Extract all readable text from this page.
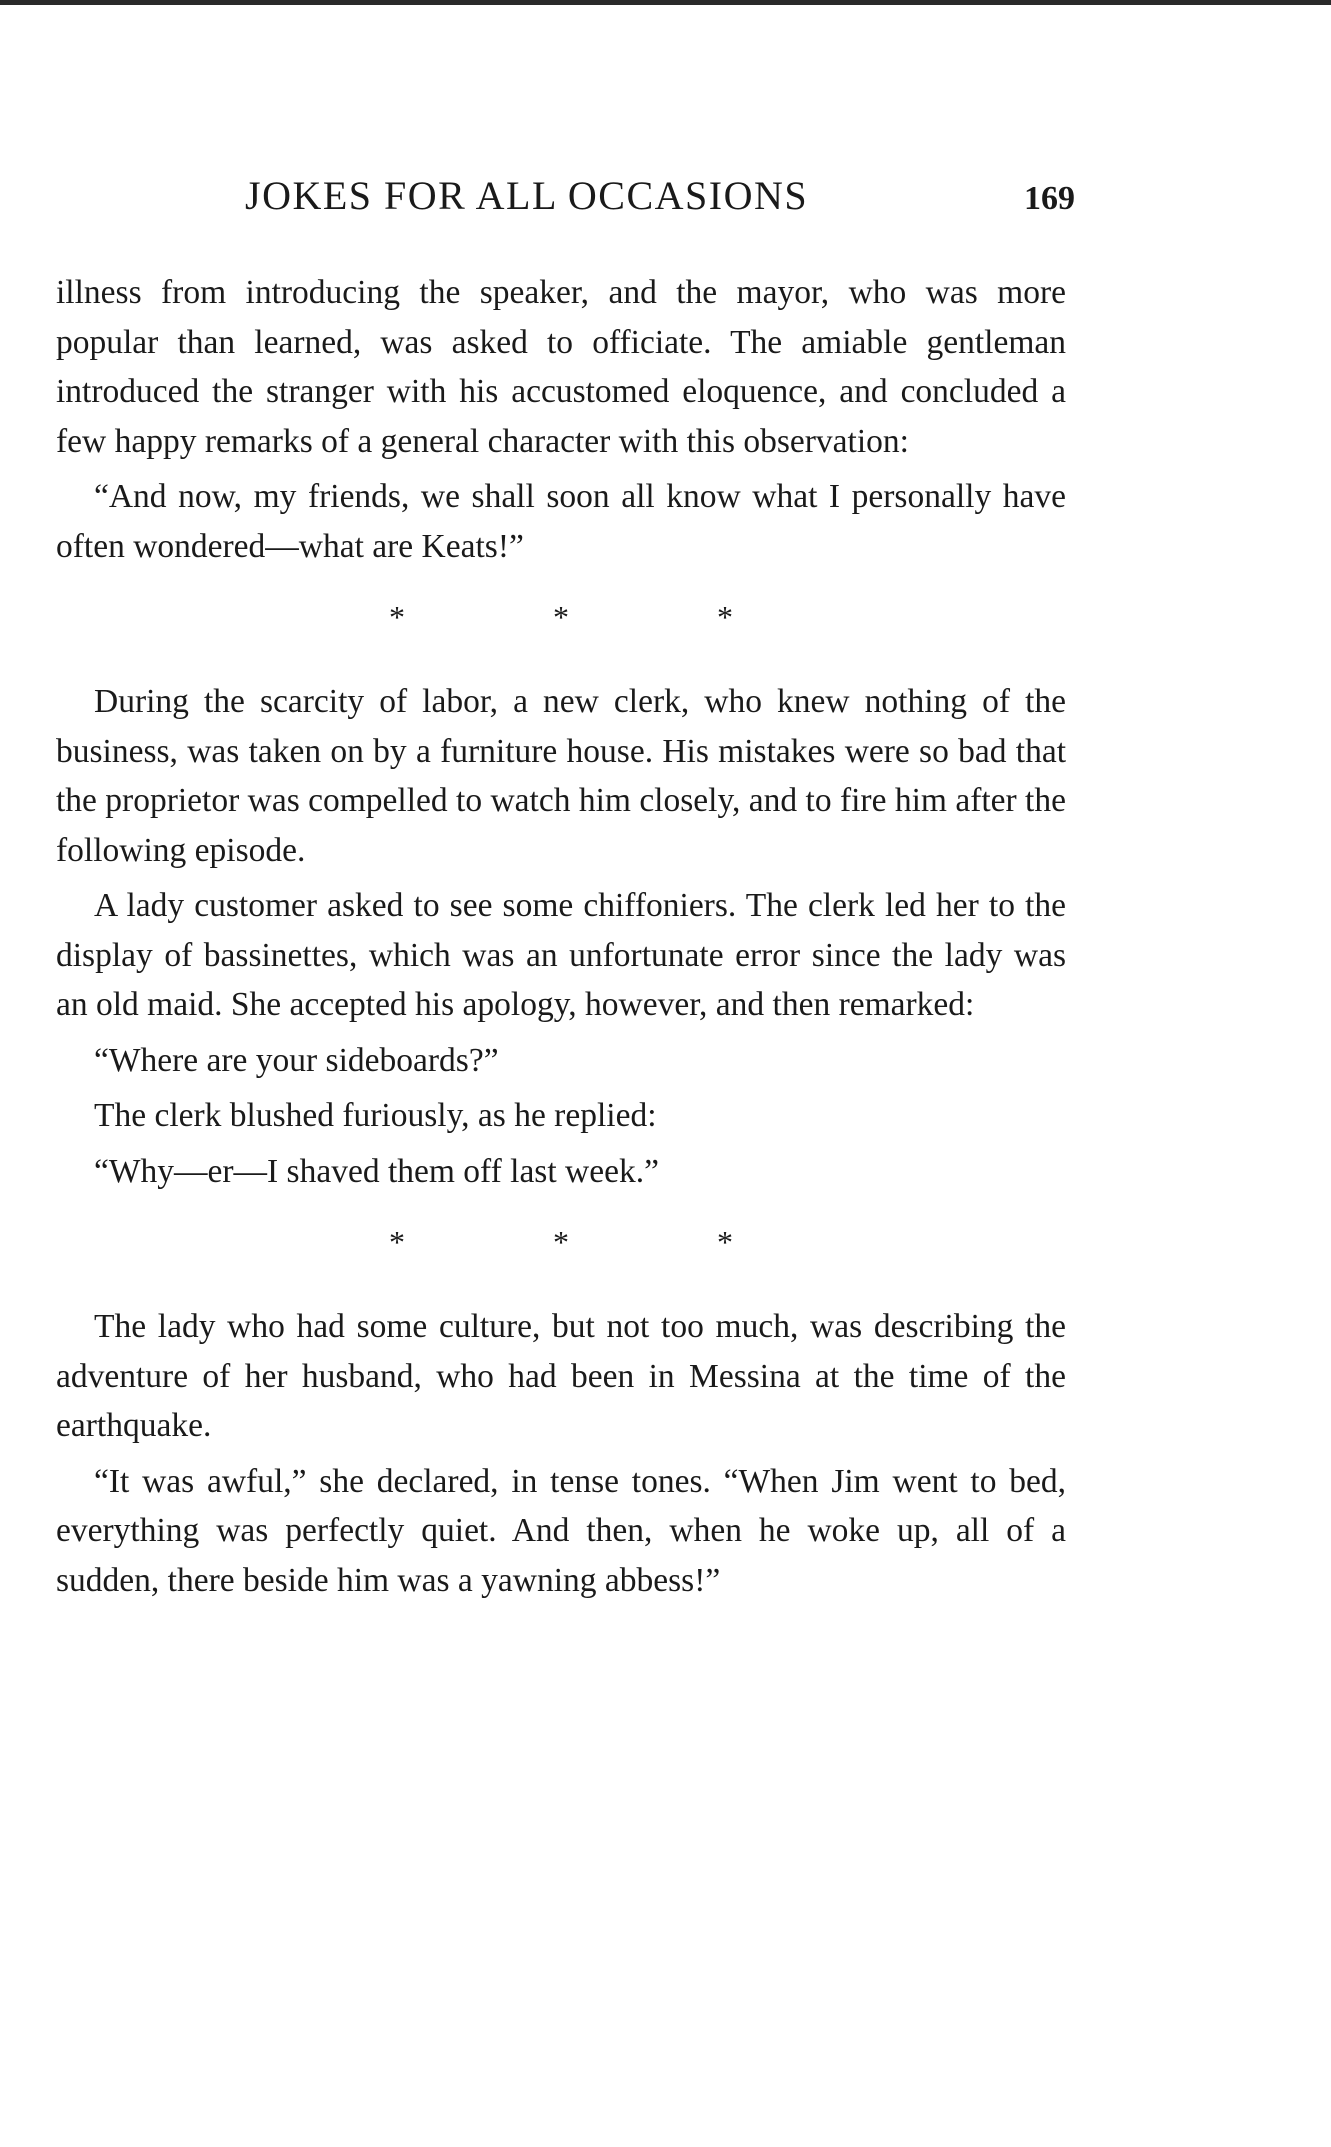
JOKES FOR ALL OCCASIONS	169

illness from introducing the speaker, and the mayor, who was more popular than learned, was asked to officiate. The amiable gentleman introduced the stranger with his accustomed eloquence, and concluded a few happy remarks of a general character with this observation:

“And now, my friends, we shall soon all know what I personally have often wondered—what are Keats!”

* * *

During the scarcity of labor, a new clerk, who knew nothing of the business, was taken on by a furniture house. His mistakes were so bad that the proprietor was compelled to watch him closely, and to fire him after the following episode.

A lady customer asked to see some chiffoniers. The clerk led her to the display of bassinettes, which was an unfortunate error since the lady was an old maid. She accepted his apology, however, and then remarked:

“Where are your sideboards?”

The clerk blushed furiously, as he replied:

“Why—er—I shaved them off last week.”

* * *

The lady who had some culture, but not too much, was describing the adventure of her husband, who had been in Messina at the time of the earthquake.

“It was awful,” she declared, in tense tones. “When Jim went to bed, everything was perfectly quiet. And then, when he woke up, all of a sudden, there beside him was a yawning abbess!”
